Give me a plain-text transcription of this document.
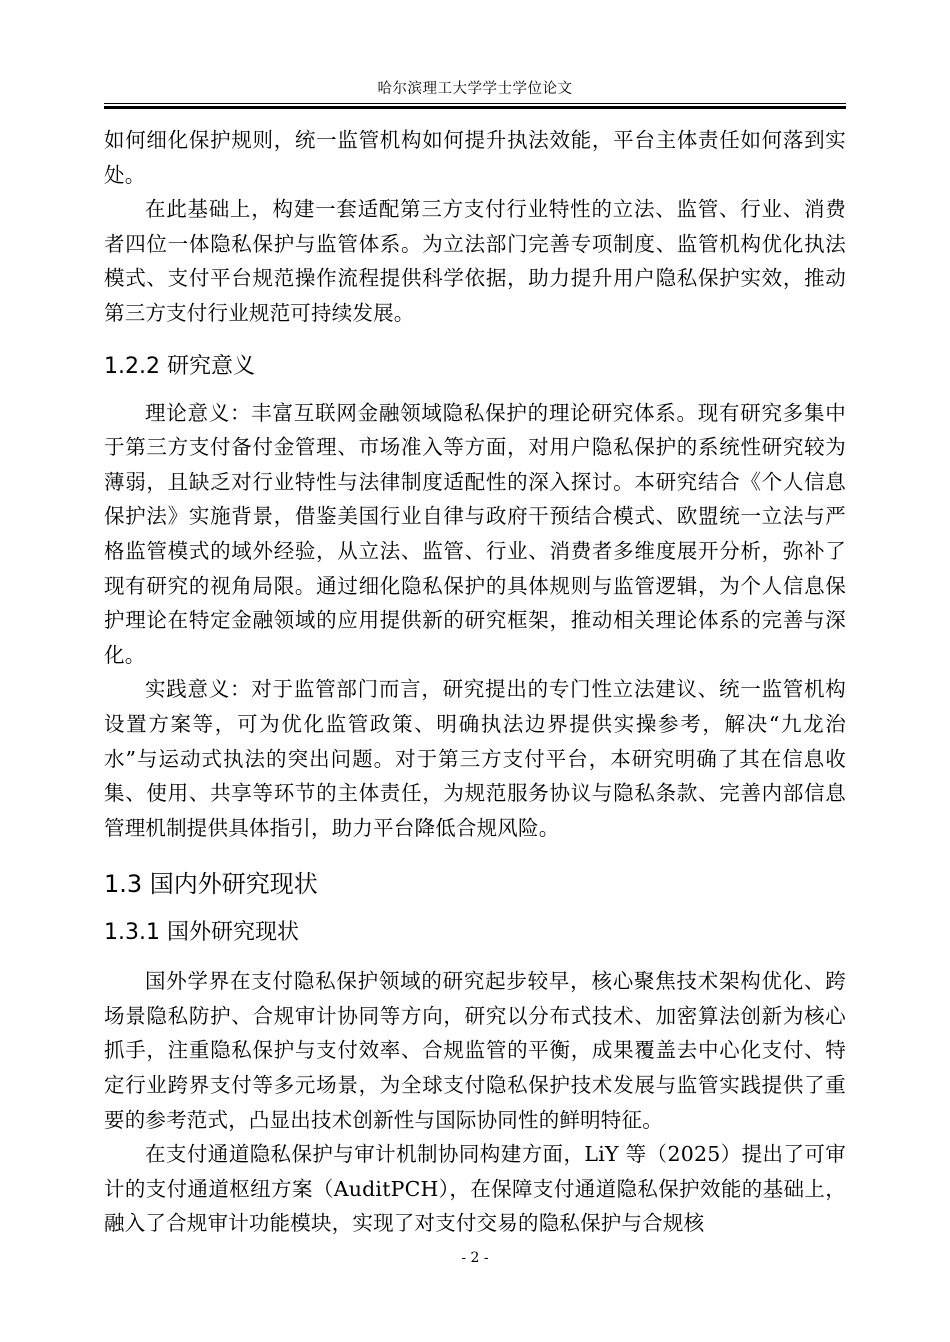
哈尔滨理工大学学士学位论文

如何细化保护规则，统一监管机构如何提升执法效能，平台主体责任如何落到实处。

在此基础上，构建一套适配第三方支付行业特性的立法、监管、行业、消费者四位一体隐私保护与监管体系。为立法部门完善专项制度、监管机构优化执法模式、支付平台规范操作流程提供科学依据，助力提升用户隐私保护实效，推动第三方支付行业规范可持续发展。

1.2.2 研究意义

理论意义：丰富互联网金融领域隐私保护的理论研究体系。现有研究多集中于第三方支付备付金管理、市场准入等方面，对用户隐私保护的系统性研究较为薄弱，且缺乏对行业特性与法律制度适配性的深入探讨。本研究结合《个人信息保护法》实施背景，借鉴美国行业自律与政府干预结合模式、欧盟统一立法与严格监管模式的域外经验，从立法、监管、行业、消费者多维度展开分析，弥补了现有研究的视角局限。通过细化隐私保护的具体规则与监管逻辑，为个人信息保护理论在特定金融领域的应用提供新的研究框架，推动相关理论体系的完善与深化。

实践意义：对于监管部门而言，研究提出的专门性立法建议、统一监管机构设置方案等，可为优化监管政策、明确执法边界提供实操参考，解决“九龙治水”与运动式执法的突出问题。对于第三方支付平台，本研究明确了其在信息收集、使用、共享等环节的主体责任，为规范服务协议与隐私条款、完善内部信息管理机制提供具体指引，助力平台降低合规风险。

1.3 国内外研究现状
1.3.1 国外研究现状

国外学界在支付隐私保护领域的研究起步较早，核心聚焦技术架构优化、跨场景隐私防护、合规审计协同等方向，研究以分布式技术、加密算法创新为核心抓手，注重隐私保护与支付效率、合规监管的平衡，成果覆盖去中心化支付、特定行业跨界支付等多元场景，为全球支付隐私保护技术发展与监管实践提供了重要的参考范式，凸显出技术创新性与国际协同性的鲜明特征。

在支付通道隐私保护与审计机制协同构建方面，LiY 等（2025）提出了可审计的支付通道枢纽方案（AuditPCH），在保障支付通道隐私保护效能的基础上，融入了合规审计功能模块，实现了对支付交易的隐私保护与合规核

- 2 -
